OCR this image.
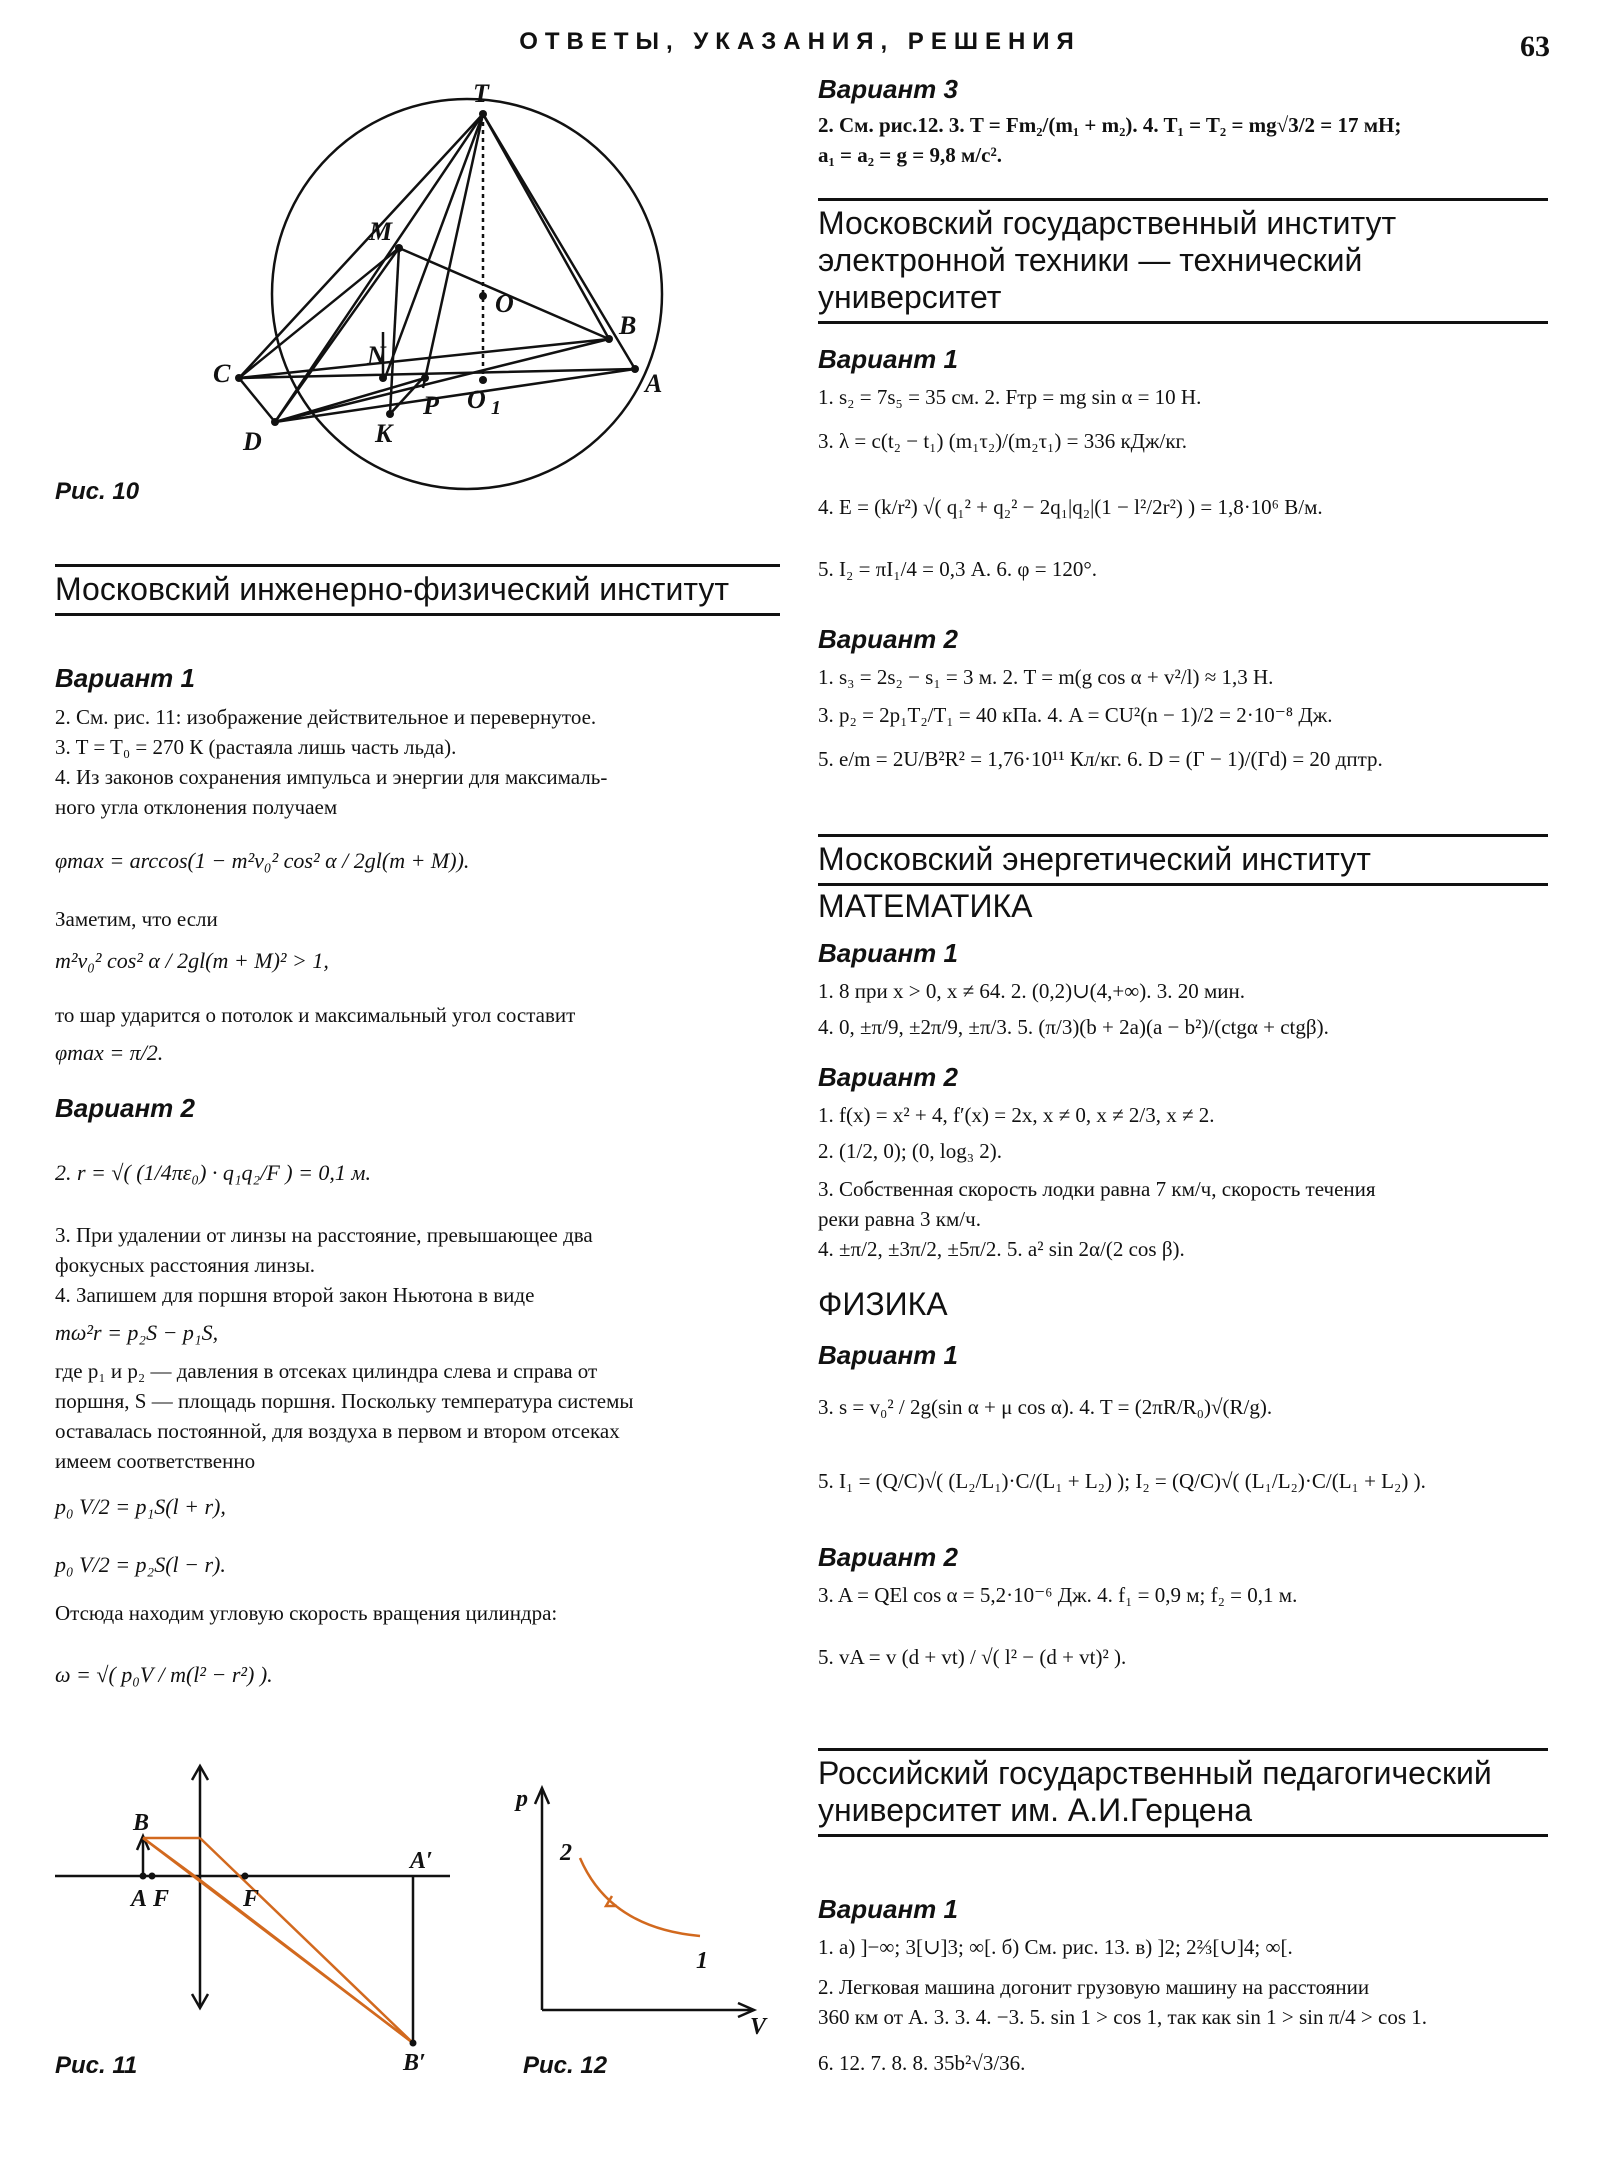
ОТВЕТЫ, УКАЗАНИЯ, РЕШЕНИЯ	63
T
M
O
B
C
N
O 1
A
D	K
P
Рис. 10
Московский инженерно-физический институт
Вариант 1
2. См. рис. 11: изображение действительное и перевернутое.
3. T = T₀ = 270 К (растаяла лишь часть льда).
4. Из законов сохранения импульса и энергии для максималь-
ного угла отклонения получаем
φmax = arccos(1 − m²v₀² cos² α / 2gl(m + M)).
Заметим, что если
m²v₀² cos² α / 2gl(m + M)² > 1,
то шар ударится о потолок и максимальный угол составит
φmax = π/2.
Вариант 2
2. r = √( (1/4πε₀) · q₁q₂/F ) = 0,1 м.
3. При удалении от линзы на расстояние, превышающее два
фокусных расстояния линзы.
4. Запишем для поршня второй закон Ньютона в виде
mω²r = p₂S − p₁S,
где p₁ и p₂ — давления в отсеках цилиндра слева и справа от
поршня, S — площадь поршня. Поскольку температура системы
оставалась постоянной, для воздуха в первом и втором отсеках
имеем соответственно
p₀ V/2 = p₁S(l + r),
p₀ V/2 = p₂S(l − r).
Отсюда находим угловую скорость вращения цилиндра:
ω = √( p₀V / m(l² − r²) ).
B
A F	F
A′
B′
Рис. 11
p
V
2
1
Рис. 12
Вариант 3
2. См. рис.12. 3. T = Fm₂/(m₁ + m₂). 4. T₁ = T₂ = mg√3/2 = 17 мН;
a₁ = a₂ = g = 9,8 м/с².
Московский государственный институт электронной техники — технический университет
Вариант 1
1. s₂ = 7s₅ = 35 см. 2. Fтр = mg sin α = 10 Н.
3. λ = c(t₂ − t₁) (m₁τ₂)/(m₂τ₁) = 336 кДж/кг.
4. E = (k/r²) √( q₁² + q₂² − 2q₁|q₂|(1 − l²/2r²) ) = 1,8·10⁶ В/м.
5. I₂ = πI₁/4 = 0,3 А. 6. φ = 120°.
Вариант 2
1. s₃ = 2s₂ − s₁ = 3 м. 2. T = m(g cos α + v²/l) ≈ 1,3 Н.
3. p₂ = 2p₁T₂/T₁ = 40 кПа. 4. A = CU²(n − 1)/2 = 2·10⁻⁸ Дж.
5. e/m = 2U/B²R² = 1,76·10¹¹ Кл/кг. 6. D = (Γ − 1)/(Γd) = 20 дптр.
Московский энергетический институт
МАТЕМАТИКА
Вариант 1
1. 8 при x > 0, x ≠ 64. 2. (0,2)∪(4,+∞). 3. 20 мин.
4. 0, ±π/9, ±2π/9, ±π/3. 5. (π/3)(b + 2a)(a − b²)/(ctgα + ctgβ).
Вариант 2
1. f(x) = x² + 4, f′(x) = 2x, x ≠ 0, x ≠ 2/3, x ≠ 2.
2. (1/2, 0); (0, log₃ 2).
3. Собственная скорость лодки равна 7 км/ч, скорость течения
реки равна 3 км/ч.
4. ±π/2, ±3π/2, ±5π/2. 5. a² sin 2α/(2 cos β).
ФИЗИКА
Вариант 1
3. s = v₀² / 2g(sin α + μ cos α). 4. T = (2πR/R₀)√(R/g).
5. I₁ = (Q/C)√( (L₂/L₁)·C/(L₁ + L₂) ); I₂ = (Q/C)√( (L₁/L₂)·C/(L₁ + L₂) ).
Вариант 2
3. A = QEl cos α = 5,2·10⁻⁶ Дж. 4. f₁ = 0,9 м; f₂ = 0,1 м.
5. vA = v (d + vt) / √( l² − (d + vt)² ).
Российский государственный педагогический университет им. А.И.Герцена
Вариант 1
1. а) ]−∞; 3[∪]3; ∞[. б) См. рис. 13. в) ]2; 2⅔[∪]4; ∞[.
2. Легковая машина догонит грузовую машину на расстоянии
360 км от A. 3. 3. 4. −3. 5. sin 1 > cos 1, так как sin 1 > sin π/4 > cos 1.
6. 12. 7. 8. 8. 35b²√3/36.
